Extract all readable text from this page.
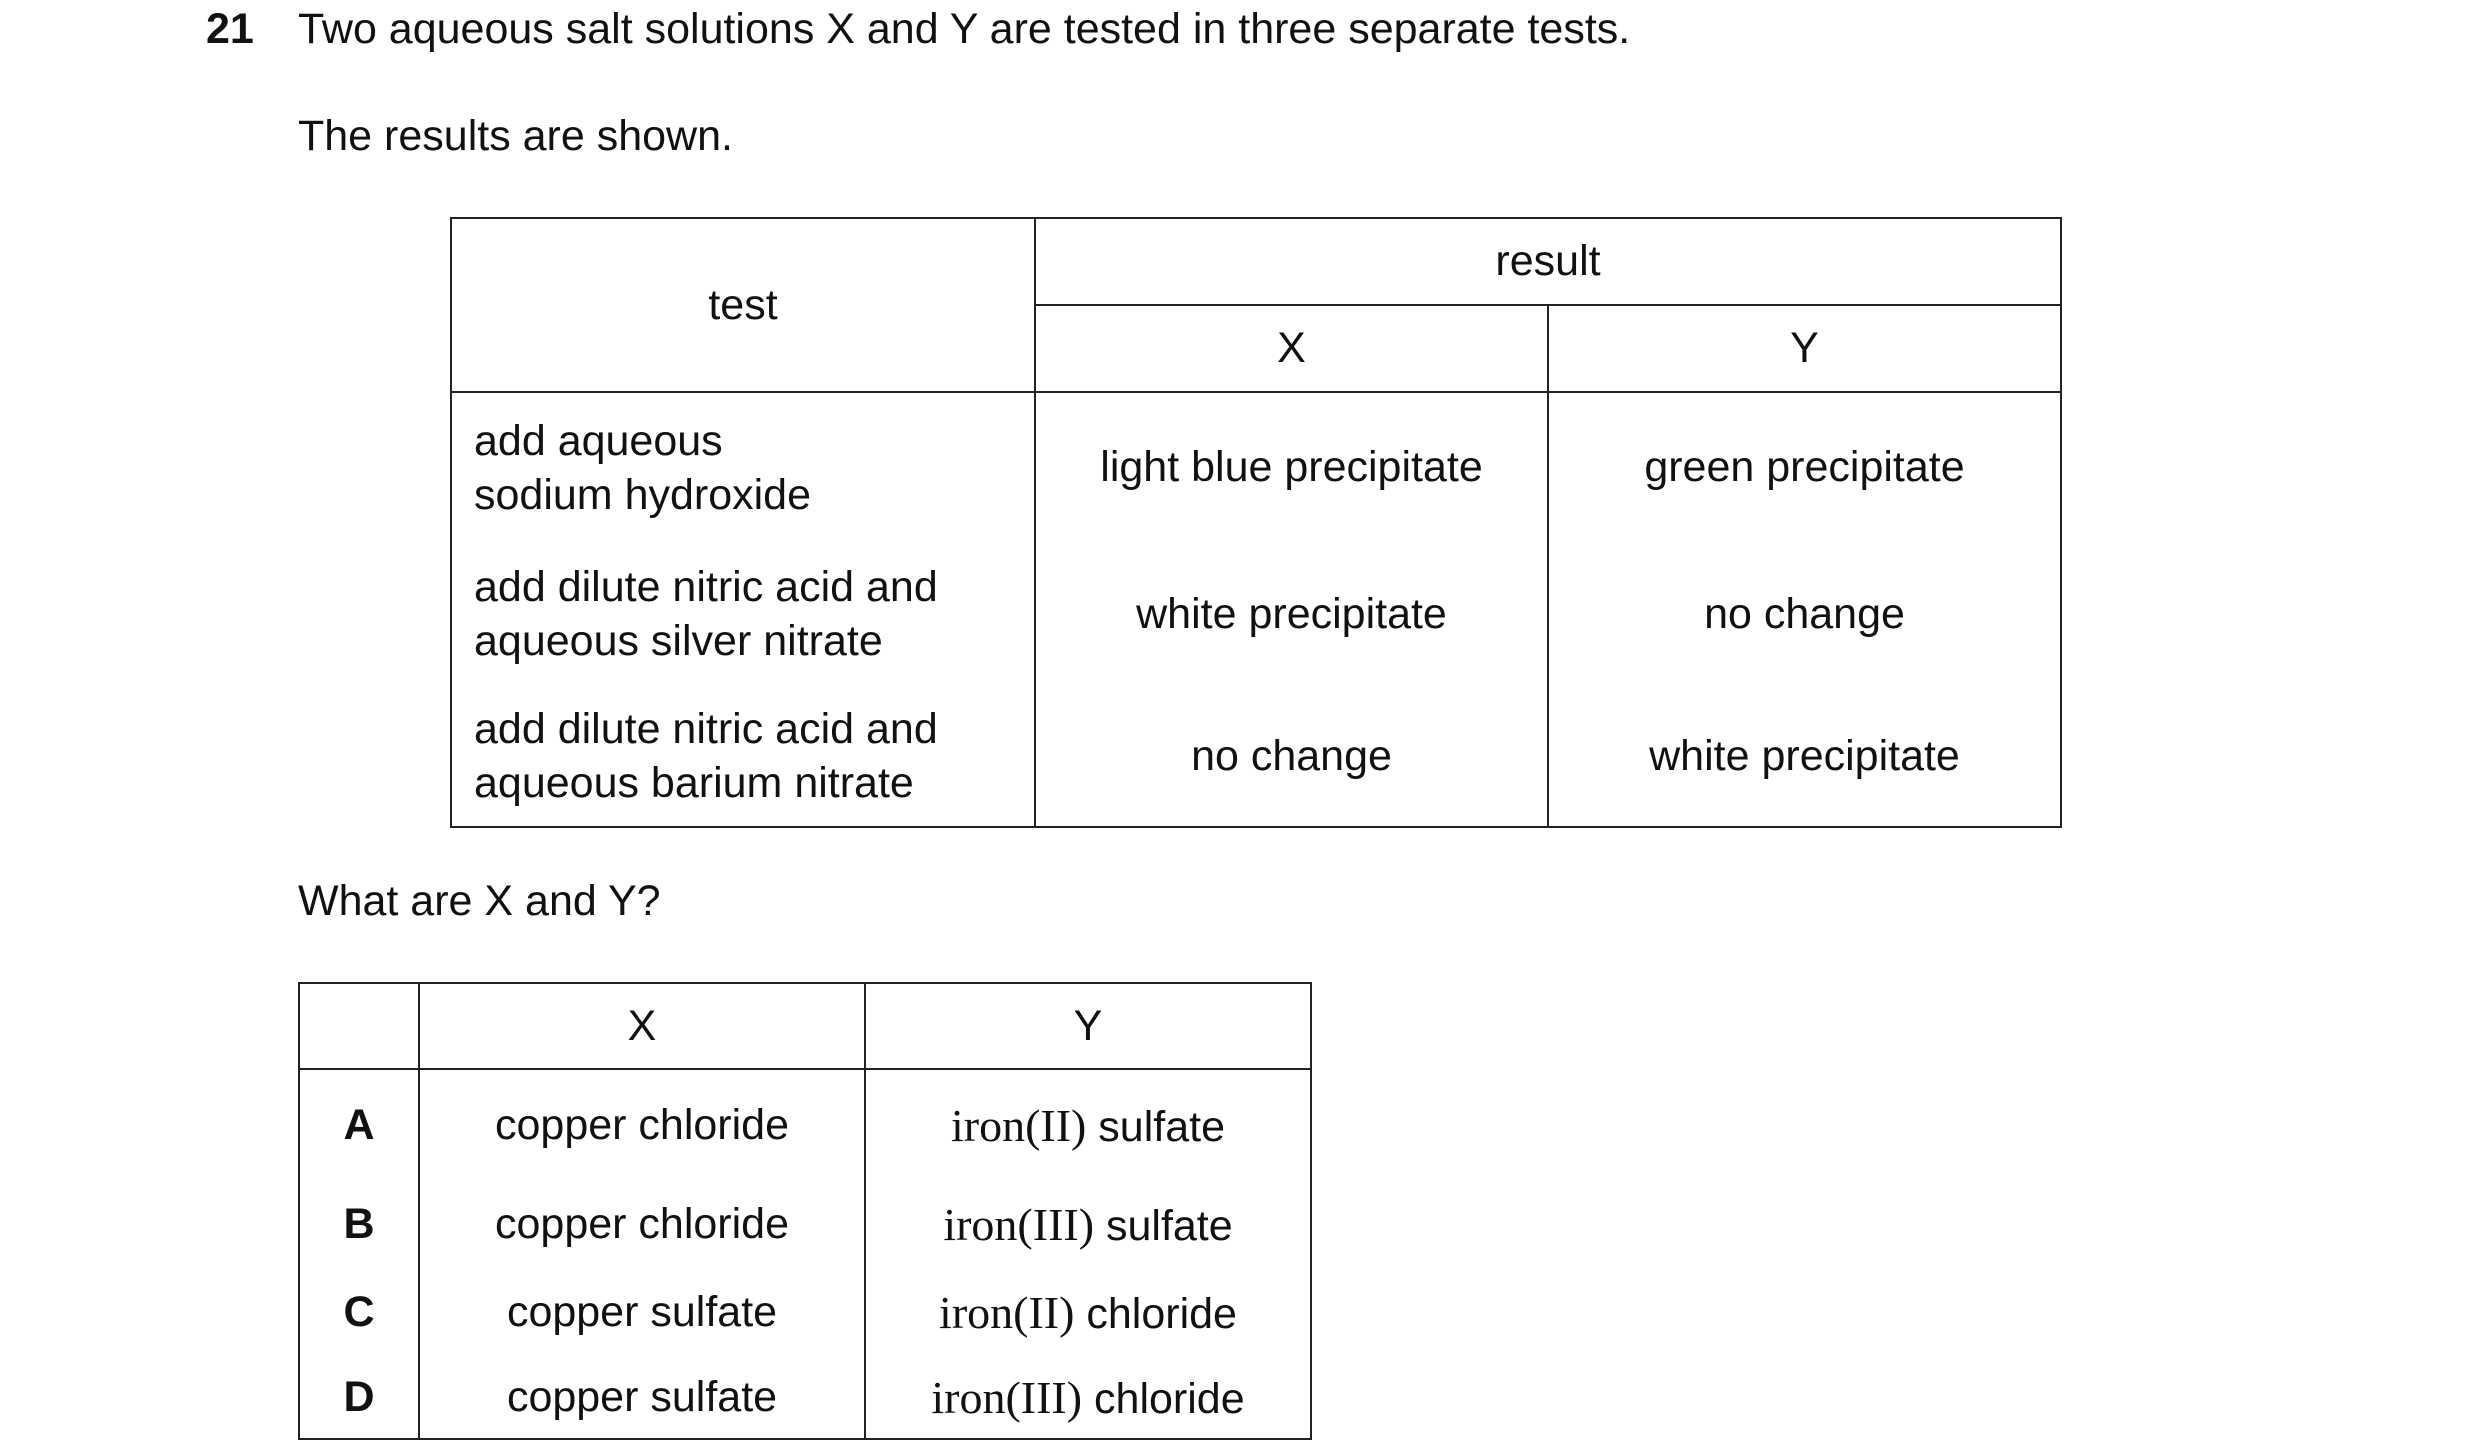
21 Two aqueous salt solutions X and Y are tested in three separate tests.
The results are shown.
test	result	
	X	Y
add aqueous
sodium hydroxide	light blue precipitate	green precipitate
add dilute nitric acid and
aqueous silver nitrate	white precipitate	no change
add dilute nitric acid and
aqueous barium nitrate	no change	white precipitate
What are X and Y?
	X	Y
A	copper chloride	iron(II) sulfate
B	copper chloride	iron(III) sulfate
C	copper sulfate	iron(II) chloride
D	copper sulfate	iron(III) chloride
